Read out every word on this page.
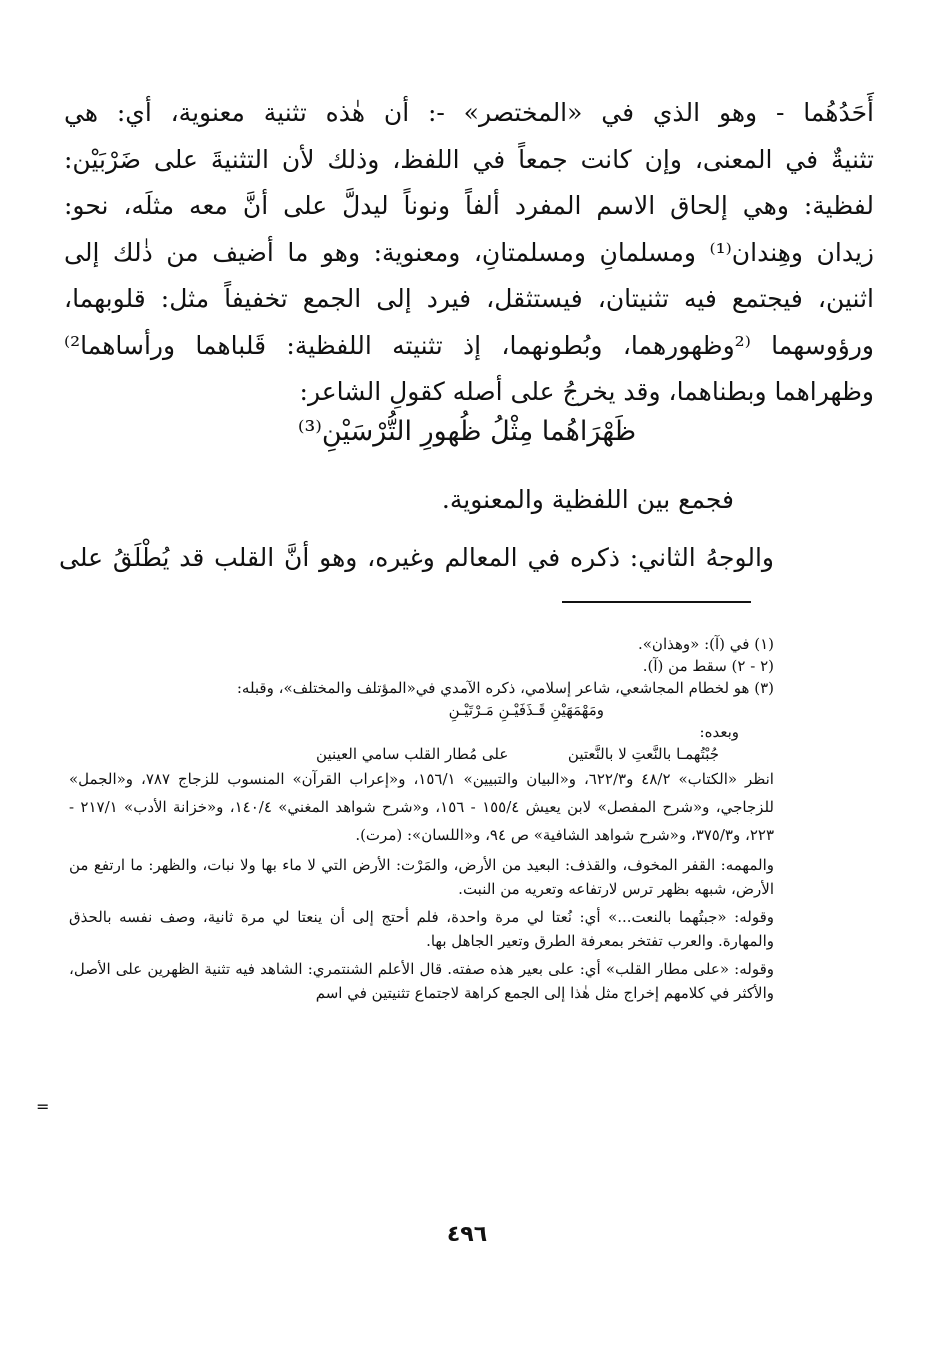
أَحَدُهُما - وهو الذي في «المختصر» -: أن هٰذه تثنية معنوية، أي: هي

تثنيةٌ في المعنى، وإن كانت جمعاً في اللفظ، وذلك لأن التثنيةَ على ضَرْبَيْن:

لفظية: وهي إلحاق الاسم المفرد ألفاً ونوناً ليدلَّ على أنَّ معه مثلَه، نحو:

زيدان وهِندان⁽¹⁾ ومسلمانِ ومسلمتانِ، ومعنوية: وهو ما أضيف من ذٰلك إلى

اثنين، فيجتمع فيه تثنيتان، فيستثقل، فيرد إلى الجمع تخفيفاً مثل: قلوبهما،

ورؤوسهما ⁽²وظهورهما، وبُطونهما، إذ تثنيته اللفظية: قَلباهما ورأساهما²⁾

وظهراهما وبطناهما، وقد يخرجُ على أصله كقولِ الشاعر:

ظَهْرَاهُما مِثْلُ ظُهورِ التُّرْسَيْنِ⁽³⁾
فجمع بين اللفظية والمعنوية.
والوجهُ الثاني: ذكره في المعالم وغيره، وهو أنَّ القلب قد يُطْلَقُ على

(١) في (آ): «وهذان».

(٢ - ٢) سقط من (آ).

(٣) هو لخطام المجاشعي، شاعر إسلامي، ذكره الآمدي في«المؤتلف والمختلف»، وقبله:

ومَهْمَهَيْنِ قَـذَفَيْـنِ مَـرْتَيْـنِ

وبعده:

جُبْتُهمـا بالنَّعتِ لا بالنَّعتين  على مُطار القلب سامي العينين

انظر «الكتاب» ٤٨/٢ و٦٢٢/٣، و«البيان والتبيين» ١٥٦/١، و«إعراب القرآن» المنسوب للزجاج ٧٨٧، و«الجمل» للزجاجي، و«شرح المفصل» لابن يعيش ١٥٥/٤ - ١٥٦، و«شرح شواهد المغني» ١٤٠/٤، و«خزانة الأدب» ٢١٧/١ - ٢٢٣، و٣٧٥/٣، و«شرح شواهد الشافية» ص ٩٤، و«اللسان»: (مرت).

والمهمه: القفر المخوف، والقذف: البعيد من الأرض، والمَرْت: الأرض التي لا ماء بها ولا نبات، والظهر: ما ارتفع من الأرض، شبهه بظهر ترس لارتفاعه وتعريه من النبت.

وقوله: «جبتُهما بالنعت...» أي: نُعتا لي مرة واحدة، فلم أحتج إلى أن ينعتا لي مرة ثانية، وصف نفسه بالحذق والمهارة. والعرب تفتخر بمعرفة الطرق وتعير الجاهل بها.

وقوله: «على مطار القلب» أي: على بعير هذه صفته. قال الأعلم الشنتمري: الشاهد فيه تثنية الظهرين على الأصل، والأكثر في كلامهم إخراج مثل هٰذا إلى الجمع كراهة لاجتماع تثنيتين في اسم

=
٤٩٦
